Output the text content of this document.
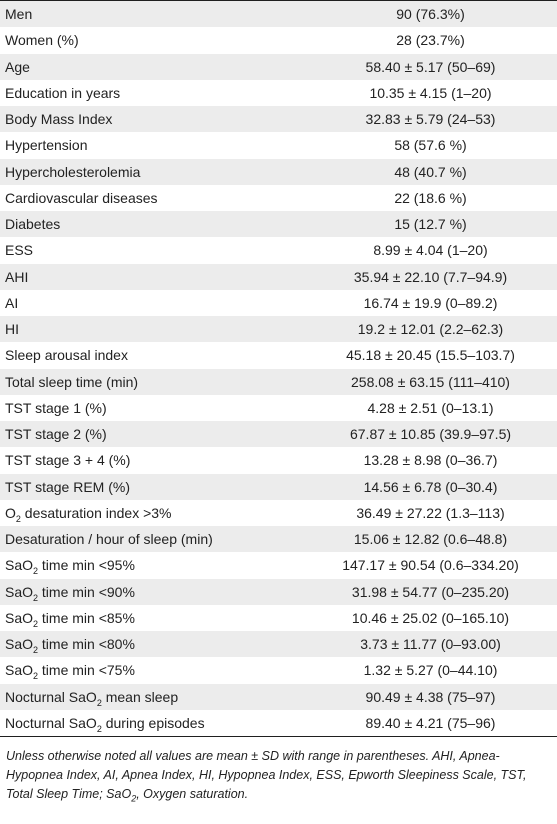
Men	90 (76.3%)
Women (%)	28 (23.7%)
Age	58.40 ± 5.17 (50–69)
Education in years	10.35 ± 4.15 (1–20)
Body Mass Index	32.83 ± 5.79 (24–53)
Hypertension	58 (57.6 %)
Hypercholesterolemia	48 (40.7 %)
Cardiovascular diseases	22 (18.6 %)
Diabetes	15 (12.7 %)
ESS	8.99 ± 4.04 (1–20)
AHI	35.94 ± 22.10 (7.7–94.9)
AI	16.74 ± 19.9 (0–89.2)
HI	19.2 ± 12.01 (2.2–62.3)
Sleep arousal index	45.18 ± 20.45 (15.5–103.7)
Total sleep time (min)	258.08 ± 63.15 (111–410)
TST stage 1 (%)	4.28 ± 2.51 (0–13.1)
TST stage 2 (%)	67.87 ± 10.85 (39.9–97.5)
TST stage 3 + 4 (%)	13.28 ± 8.98 (0–36.7)
TST stage REM (%)	14.56 ± 6.78 (0–30.4)
$O_2$ desaturation index >3%	36.49 ± 27.22 (1.3–113)
Desaturation / hour of sleep (min)	15.06 ± 12.82 (0.6–48.8)
SaO$_2$ time min <95%	147.17 ± 90.54 (0.6–334.20)
SaO$_2$ time min <90%	31.98 ± 54.77 (0–235.20)
SaO$_2$ time min <85%	10.46 ± 25.02 (0–165.10)
SaO$_2$ time min <80%	3.73 ± 11.77 (0–93.00)
SaO$_2$ time min <75%	1.32 ± 5.27 (0–44.10)
Nocturnal SaO$_2$ mean sleep	90.49 ± 4.38 (75–97)
Nocturnal SaO$_2$ during episodes	89.40 ± 4.21 (75–96)

Unless otherwise noted all values are mean ± SD with range in parentheses. AHI, Apnea-Hypopnea Index, AI, Apnea Index, HI, Hypopnea Index, ESS, Epworth Sleepiness Scale, TST, Total Sleep Time; SaO$_2$, Oxygen saturation.
